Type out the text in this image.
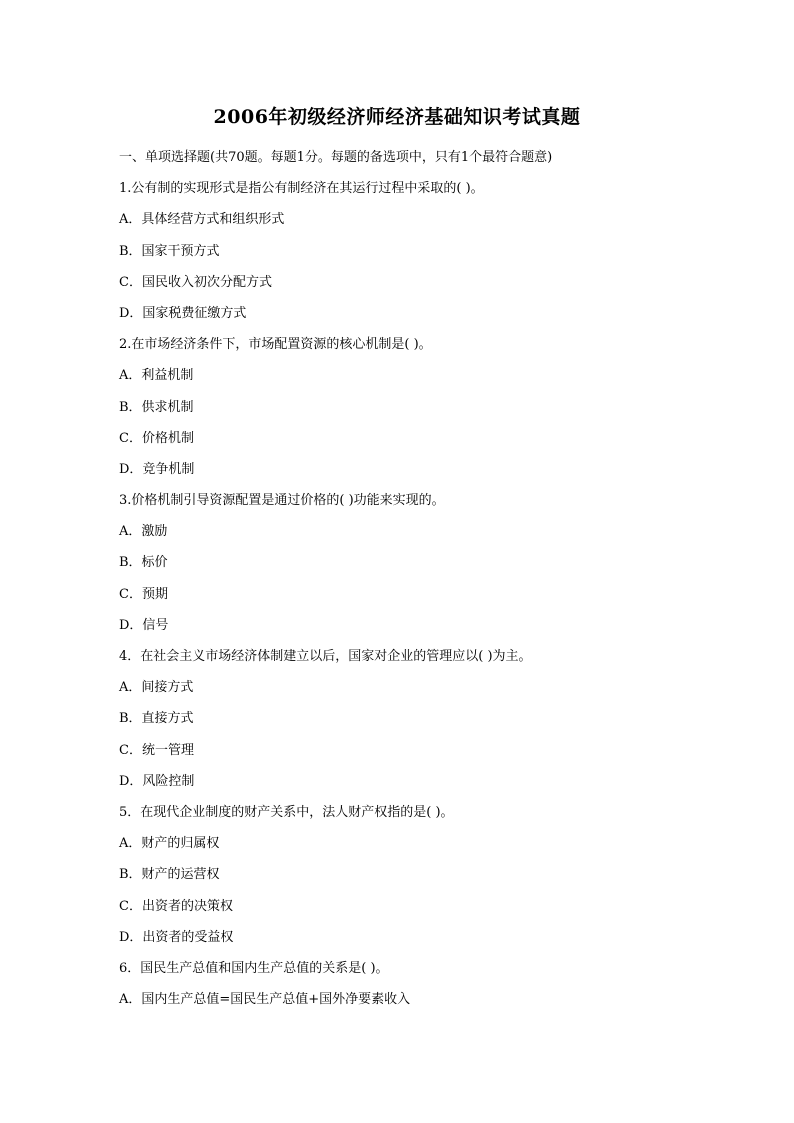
2006年初级经济师经济基础知识考试真题
一、单项选择题(共70题。每题1分。每题的备选项中，只有1个最符合题意)
1.公有制的实现形式是指公有制经济在其运行过程中采取的( )。
A．具体经营方式和组织形式
B．国家干预方式
C．国民收入初次分配方式
D．国家税费征缴方式
2.在市场经济条件下，市场配置资源的核心机制是( )。
A．利益机制
B．供求机制
C．价格机制
D．竞争机制
3.价格机制引导资源配置是通过价格的( )功能来实现的。
A．激励
B．标价
C．预期
D．信号
4．在社会主义市场经济体制建立以后，国家对企业的管理应以( )为主。
A．间接方式
B．直接方式
C．统一管理
D．风险控制
5．在现代企业制度的财产关系中，法人财产权指的是( )。
A．财产的归属权
B．财产的运营权
C．出资者的决策权
D．出资者的受益权
6．国民生产总值和国内生产总值的关系是( )。
A．国内生产总值=国民生产总值+国外净要素收入
